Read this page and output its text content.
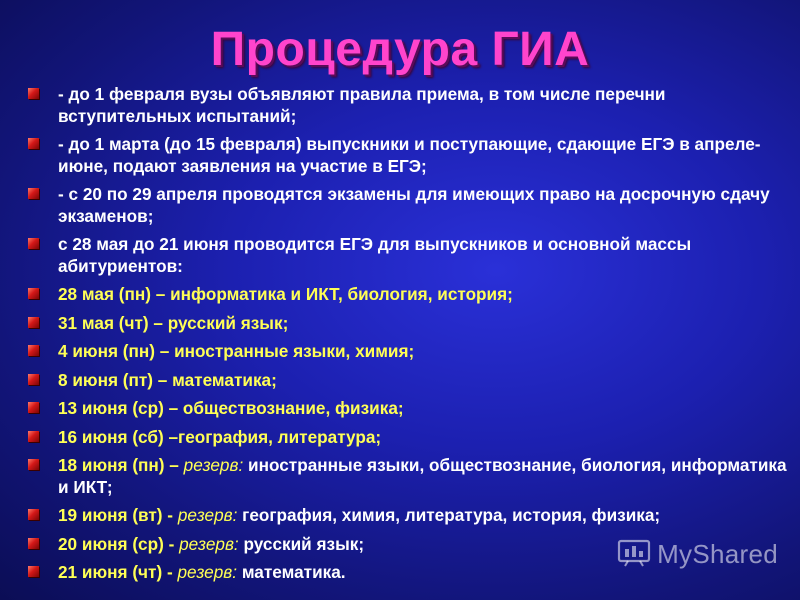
Процедура ГИА
- до 1 февраля вузы объявляют правила приема, в том числе перечни вступительных испытаний;
- до 1 марта (до 15 февраля) выпускники и поступающие, сдающие ЕГЭ в апреле-июне, подают заявления на участие в ЕГЭ;
- с 20 по 29 апреля проводятся экзамены для имеющих право на досрочную сдачу экзаменов;
с 28 мая до 21 июня проводится ЕГЭ для выпускников и основной массы абитуриентов:
28 мая (пн) – информатика и ИКТ, биология, история;
31 мая (чт) – русский язык;
4 июня (пн) – иностранные языки, химия;
8 июня (пт) – математика;
13 июня (ср) – обществознание, физика;
16 июня (сб) –география, литература;
18 июня (пн) – резерв: иностранные языки, обществознание, биология, информатика и ИКТ;
19 июня (вт) - резерв: география, химия, литература, история, физика;
20 июня (ср) - резерв: русский язык;
21 июня (чт) - резерв: математика.
MyShared
